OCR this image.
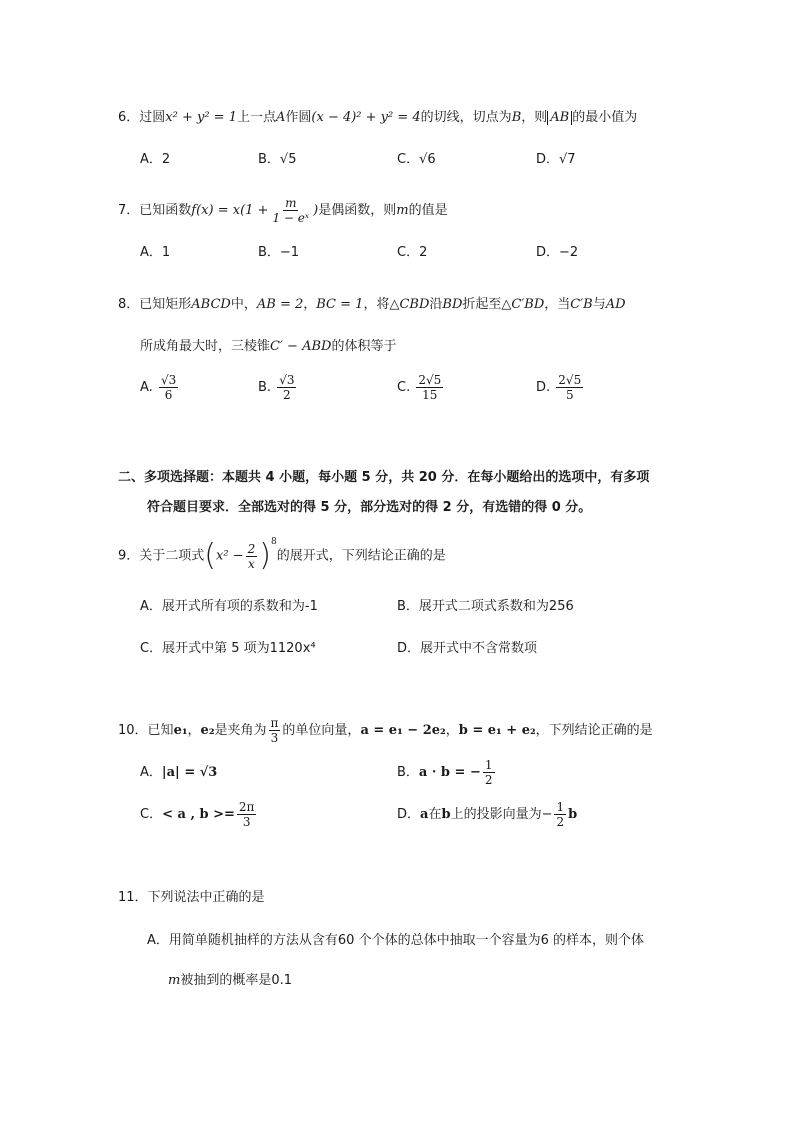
6．过圆x² + y² = 1上一点A作圆(x − 4)² + y² = 4的切线，切点为B，则 AB 的最小值为
A．2	B．√5	C．√6	D．√7
7．已知函数$f(x) = x(1 + \frac{m}{\text{1 − eˣ}}$ )是偶函数，则m的值是
A．1	B．−1	C．2	D．−2
8．已知矩形ABCD中，AB = 2，BC = 1，将△CBD沿BD折起至△C′BD，当C′B与AD
所成角最大时，三棱锥C′ − ABD的体积等于
A. $\frac{√3}{6}$	B. $\frac{√3}{2}$	C. $\frac{2√5}{15}$	D. $\frac{2√5}{5}$
二、多项选择题：本题共 4 小题，每小题 5 分，共 20 分．在每小题给出的选项中，有多项
符合题目要求．全部选对的得 5 分，部分选对的得 2 分，有选错的得 0 分。
9．关于二项式$(x^2 - \frac{2}{x} )^8$的展开式，下列结论正确的是
A．展开式所有项的系数和为-1	B．展开式二项式系数和为256
C．展开式中第 5 项为1120x⁴	D．展开式中不含常数项
10．已知e₁，e₂是夹角为 $\frac{\pi}{3}$ 的单位向量，a = e₁ − 2e₂，b = e₁ + e₂，下列结论正确的是
A．|a| = √3	B．a · b = − $\frac{1}{2}$
C．< a , $b >= \frac{2\pi}{3}$	D．a在b上的投影向量为− $\frac{1}{2}$ b
11．下列说法中正确的是
A．用简单随机抽样的方法从含有60 个个体的总体中抽取一个容量为6 的样本，则个体
m被抽到的概率是0.1
